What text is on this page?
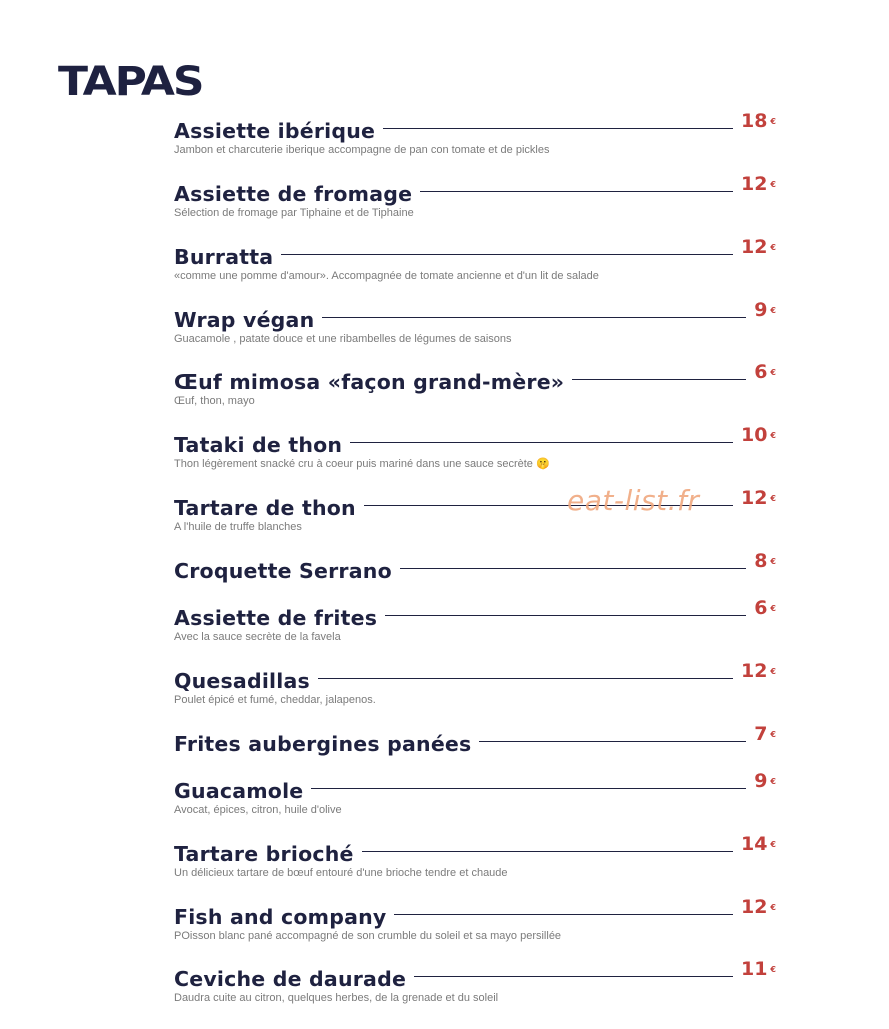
TAPAS
Assiette ibérique	18 €
Jambon et charcuterie iberique accompagne de pan con tomate et de pickles
Assiette de fromage	12 €
Sélection de fromage par Tiphaine et de Tiphaine
Burratta	12 €
«comme une pomme d'amour». Accompagnée de tomate ancienne et d'un lit de salade
Wrap végan	9 €
Guacamole , patate douce et une ribambelles de légumes de saisons
Œuf mimosa «façon grand-mère»	6 €
Œuf, thon, mayo
Tataki de thon	10 €
Thon légèrement snacké cru à coeur puis mariné dans une sauce secrète 🤫
Tartare de thon	12 €
A l'huile de truffe blanches
Croquette Serrano	8 €
Assiette de frites	6 €
Avec la sauce secrète de la favela
Quesadillas	12 €
Poulet épicé et fumé, cheddar, jalapenos.
Frites aubergines panées	7 €
Guacamole	9 €
Avocat, épices, citron, huile d'olive
Tartare brioché	14 €
Un délicieux tartare de bœuf entouré d'une brioche tendre et chaude
Fish and company	12 €
POisson blanc pané accompagné de son crumble du soleil et sa mayo persillée
Ceviche de daurade	11 €
Daudra cuite au citron, quelques herbes, de la grenade et du soleil
eat-list.fr
